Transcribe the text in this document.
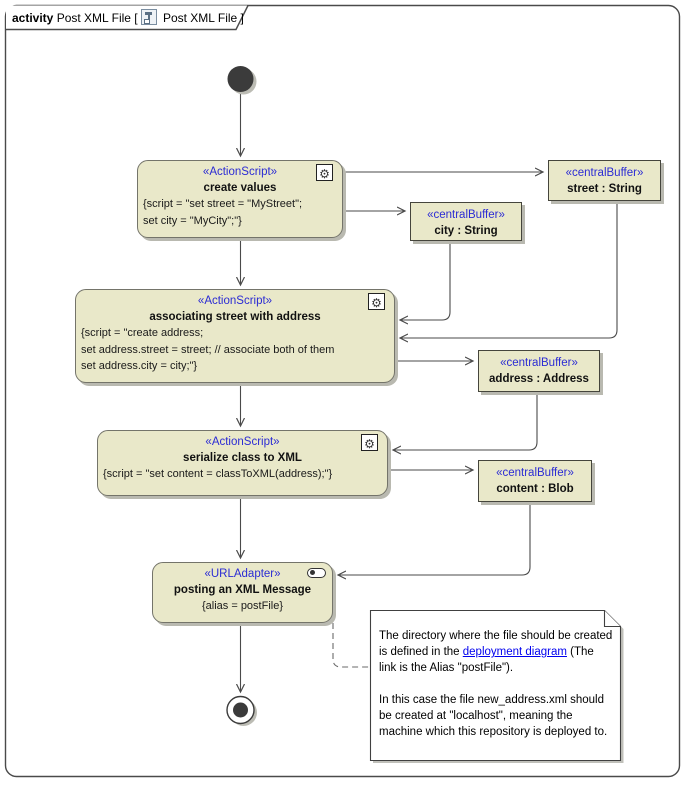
activity Post XML File [
Post XML File ]
⚙
«ActionScript»
create values
{script = "set street = "MyStreet";
set city = "MyCity";"}
«centralBuffer»
street : String
«centralBuffer»
city : String
⚙
«ActionScript»
associating street with address
{script = "create address;
set address.street = street; // associate both of them
set address.city = city;"}	«centralBuffer»
address : Address
⚙
«ActionScript»
serialize class to XML
{script = "set content = classToXML(address);"}	«centralBuffer»
content : Blob
«URLAdapter»
posting an XML Message
{alias = postFile}
The directory where the file should be created is defined in the deployment diagram (The link is the Alias "postFile").
In this case the file new_address.xml should be created at "localhost", meaning the machine which this repository is deployed to.
